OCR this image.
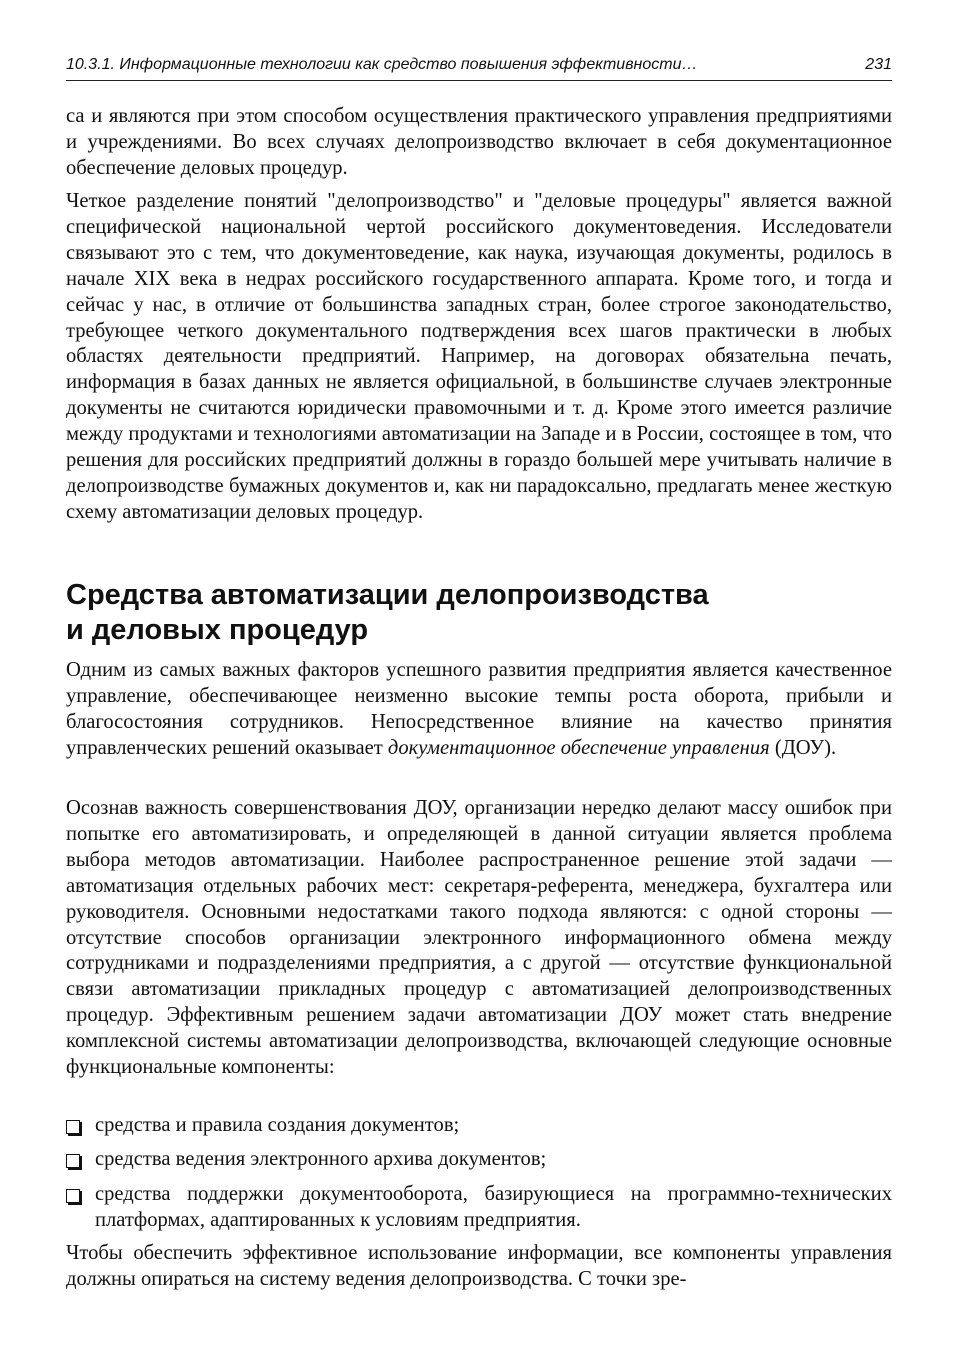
10.3.1. Информационные технологии как средство повышения эффективности…	231

са и являются при этом способом осуществления практического управления предприятиями и учреждениями. Во всех случаях делопроизводство включает в себя документационное обеспечение деловых процедур.

Четкое разделение понятий "делопроизводство" и "деловые процедуры" является важной специфической национальной чертой российского документоведения. Исследователи связывают это с тем, что документоведение, как наука, изучающая документы, родилось в начале XIX века в недрах российского государственного аппарата. Кроме того, и тогда и сейчас у нас, в отличие от большинства западных стран, более строгое законодательство, требующее четкого документального подтверждения всех шагов практически в любых областях деятельности предприятий. Например, на договорах обязательна печать, информация в базах данных не является официальной, в большинстве случаев электронные документы не считаются юридически правомочными и т. д. Кроме этого имеется различие между продуктами и технологиями автоматизации на Западе и в России, состоящее в том, что решения для российских предприятий должны в гораздо большей мере учитывать наличие в делопроизводстве бумажных документов и, как ни парадоксально, предлагать менее жесткую схему автоматизации деловых процедур.

Средства автоматизации делопроизводства
и деловых процедур

Одним из самых важных факторов успешного развития предприятия является качественное управление, обеспечивающее неизменно высокие темпы роста оборота, прибыли и благосостояния сотрудников. Непосредственное влияние на качество принятия управленческих решений оказывает документационное обеспечение управления (ДОУ).

Осознав важность совершенствования ДОУ, организации нередко делают массу ошибок при попытке его автоматизировать, и определяющей в данной ситуации является проблема выбора методов автоматизации. Наиболее распространенное решение этой задачи — автоматизация отдельных рабочих мест: секретаря-референта, менеджера, бухгалтера или руководителя. Основными недостатками такого подхода являются: с одной стороны — отсутствие способов организации электронного информационного обмена между сотрудниками и подразделениями предприятия, а с другой — отсутствие функциональной связи автоматизации прикладных процедур с автоматизацией делопроизводственных процедур. Эффективным решением задачи автоматизации ДОУ может стать внедрение комплексной системы автоматизации делопроизводства, включающей следующие основные функциональные компоненты:

средства и правила создания документов;
средства ведения электронного архива документов;
средства поддержки документооборота, базирующиеся на программно-технических платформах, адаптированных к условиям предприятия.

Чтобы обеспечить эффективное использование информации, все компоненты управления должны опираться на систему ведения делопроизводства. С точки зре-
